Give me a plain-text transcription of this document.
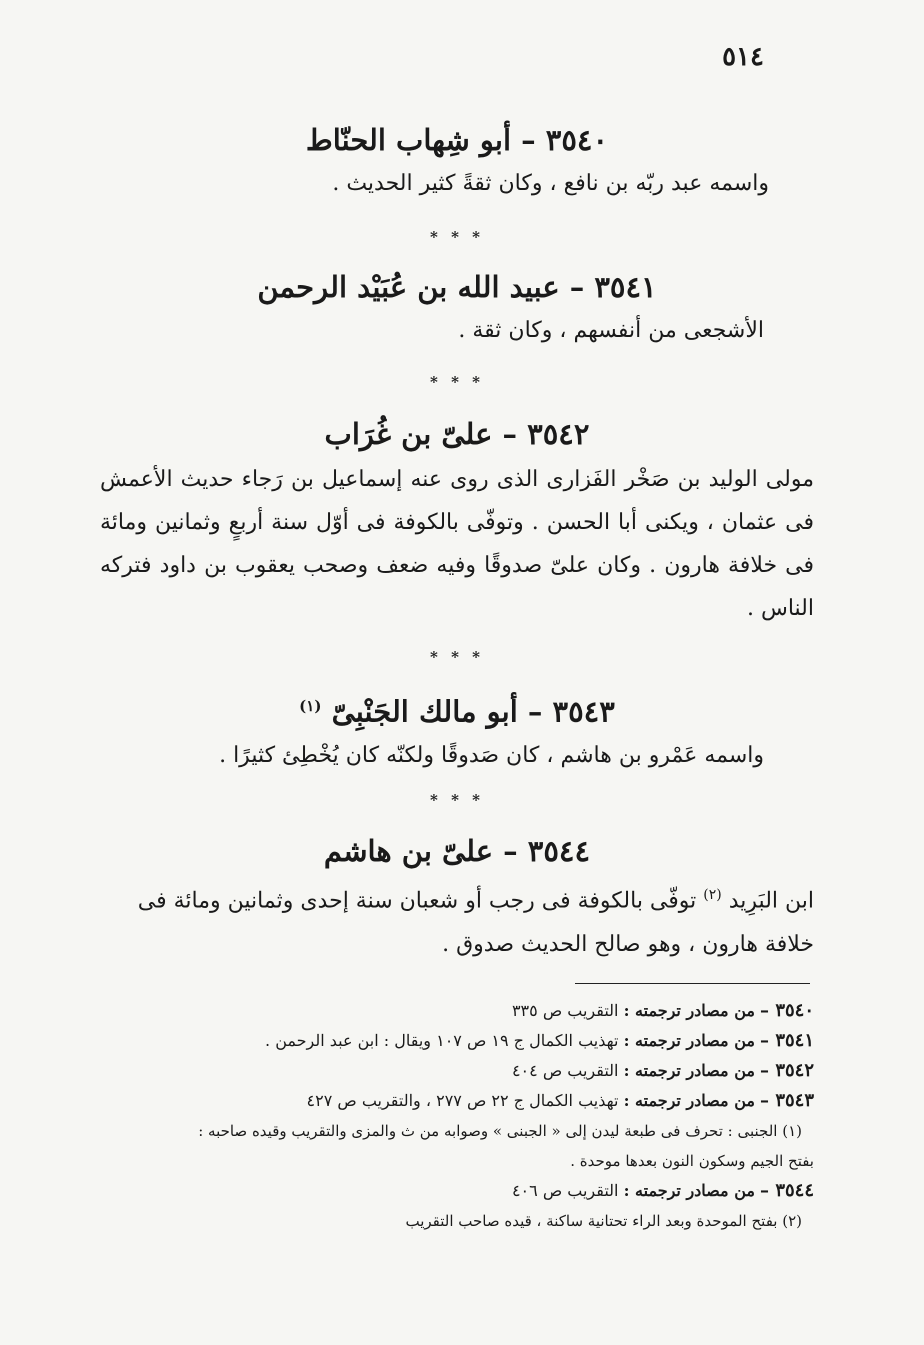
٥١٤
٣٥٤٠ – أبو شِهاب الحنّاط
واسمه عبد ربّه بن نافع ، وكان ثقةً كثير الحديث .
* * *
٣٥٤١ – عبيد الله بن عُبَيْد الرحمن
الأشجعى من أنفسهم ، وكان ثقة .
* * *
٣٥٤٢ – علىّ بن غُرَاب
مولى الوليد بن صَخْر الفَزارى الذى روى عنه إسماعيل بن رَجاء حديث الأعمش فى عثمان ، ويكنى أبا الحسن . وتوفّى بالكوفة فى أوّل سنة أربعٍ وثمانين ومائة فى خلافة هارون . وكان علىّ صدوقًا وفيه ضعف وصحب يعقوب بن داود فتركه الناس .
* * *
٣٥٤٣ – أبو مالك الجَنْبِىّ $^{(١)}$
واسمه عَمْرو بن هاشم ، كان صَدوقًا ولكنّه كان يُخْطِئ كثيرًا .
* * *
٣٥٤٤ – علىّ بن هاشم
ابن البَرِيد $^{(٢)}$ توفّى بالكوفة فى رجب أو شعبان سنة إحدى وثمانين ومائة فى
خلافة هارون ، وهو صالح الحديث صدوق .
٣٥٤٠ – من مصادر ترجمته : التقريب ص ٣٣٥
٣٥٤١ – من مصادر ترجمته : تهذيب الكمال ج ١٩ ص ١٠٧ ويقال : ابن عبد الرحمن .
٣٥٤٢ – من مصادر ترجمته : التقريب ص ٤٠٤
٣٥٤٣ – من مصادر ترجمته : تهذيب الكمال ج ٢٢ ص ٢٧٧ ، والتقريب ص ٤٢٧
(١) الجنبى : تحرف فى طبعة ليدن إلى « الجبنى » وصوابه من ث والمزى والتقريب وقيده صاحبه :
بفتح الجيم وسكون النون بعدها موحدة .
٣٥٤٤ – من مصادر ترجمته : التقريب ص ٤٠٦
(٢) بفتح الموحدة وبعد الراء تحتانية ساكنة ، قيده صاحب التقريب
